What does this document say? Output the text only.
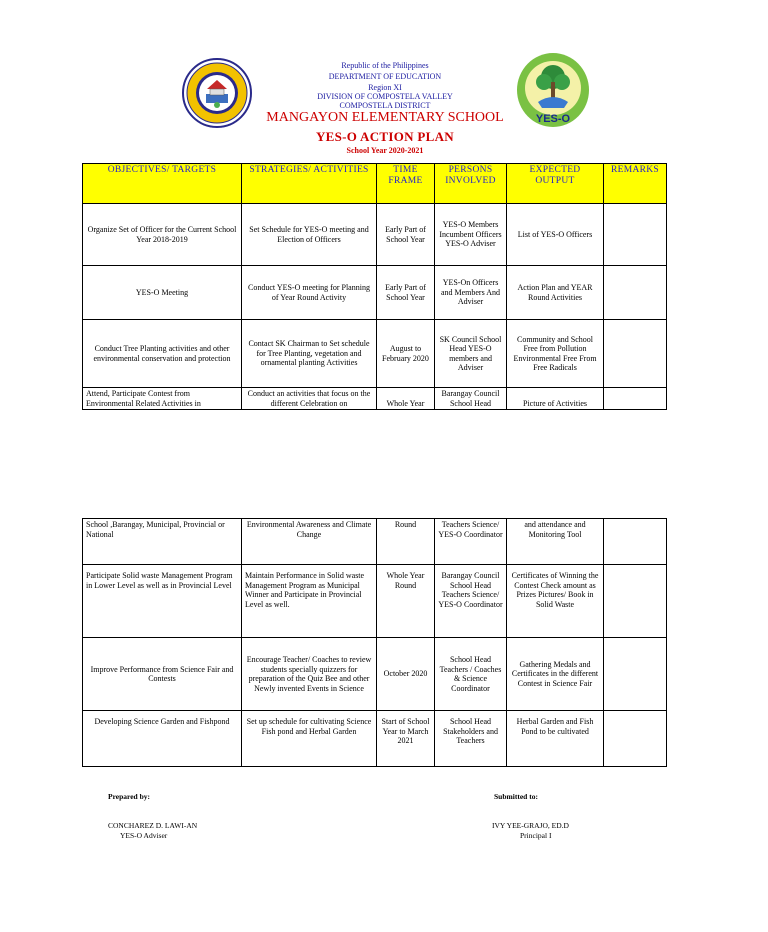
YES-O
Republic of the Philippines
DEPARTMENT OF EDUCATION
Region XI
DIVISION OF COMPOSTELA VALLEY
COMPOSTELA DISTRICT
MANGAYON ELEMENTARY SCHOOL
YES-O ACTION PLAN
School Year 2020-2021
OBJECTIVES/ TARGETS	STRATEGIES/ ACTIVITIES	TIME FRAME	PERSONS INVOLVED	EXPECTED OUTPUT	REMARKS
Organize Set of Officer for the Current School Year 2018-2019	Set Schedule for YES-O meeting and Election of Officers	Early Part of School Year	YES-O Members Incumbent Officers YES-O Adviser	List of YES-O Officers	
YES-O Meeting	Conduct YES-O meeting for Planning of Year Round Activity	Early Part of School Year	YES-On Officers and Members And Adviser	Action Plan and YEAR Round Activities	
Conduct Tree Planting activities and other environmental conservation and protection	Contact SK Chairman to Set schedule for Tree Planting, vegetation and ornamental planting Activities	August to February 2020	SK Council School Head YES-O members and Adviser	Community and School Free from Pollution Environmental Free From Free Radicals	
Attend, Participate Contest from Environmental Related Activities in	Conduct an activities that focus on the different Celebration on	Whole Year	Barangay Council School Head	Picture of Activities	
School ,Barangay, Municipal, Provincial or National	Environmental Awareness and Climate Change	Round	Teachers Science/ YES-O Coordinator	and attendance and Monitoring Tool	
Participate Solid waste Management Program in Lower Level as well as in Provincial Level	Maintain Performance in Solid waste Management Program as Municipal Winner and Participate in Provincial Level as well.	Whole Year Round	Barangay Council School Head Teachers Science/ YES-O Coordinator	Certificates of Winning the Contest Check amount as Prizes Pictures/ Book in Solid Waste	
Improve Performance from Science Fair and Contests	Encourage Teacher/ Coaches to review students specially quizzers for preparation of the Quiz Bee and other Newly invented Events in Science	October 2020	School Head Teachers / Coaches & Science Coordinator	Gathering Medals and Certificates in the different Contest in Science Fair	
Developing Science Garden and Fishpond	Set up schedule for cultivating Science Fish pond and Herbal Garden	Start of School Year to March 2021	School Head Stakeholders and Teachers	Herbal Garden and Fish Pond to be cultivated	
Prepared by:
CONCHAREZ D. LAWI-AN
YES-O Adviser
Submitted to:
IVY YEE-GRAJO, ED.D
Principal I
